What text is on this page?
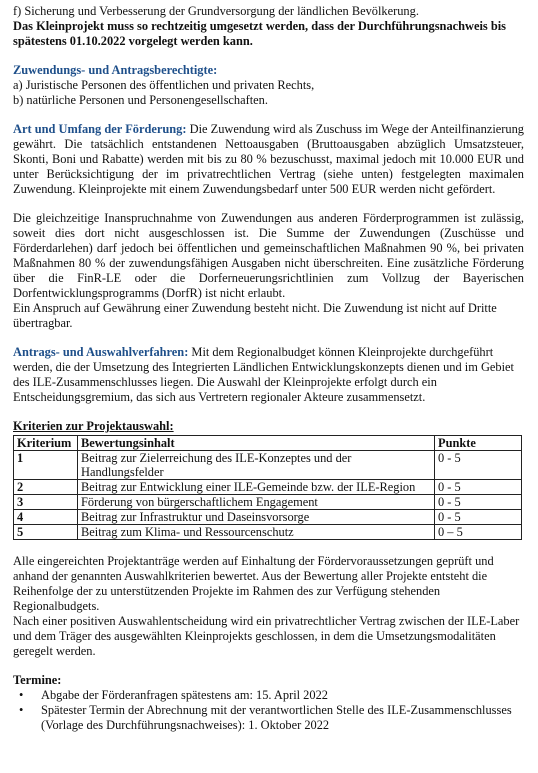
f) Sicherung und Verbesserung der Grundversorgung der ländlichen Bevölkerung.

Das Kleinprojekt muss so rechtzeitig umgesetzt werden, dass der Durchführungsnachweis bis spätestens 01.10.2022 vorgelegt werden kann.

Zuwendungs- und Antragsberechtigte:

a) Juristische Personen des öffentlichen und privaten Rechts,

b) natürliche Personen und Personengesellschaften.

Art und Umfang der Förderung: Die Zuwendung wird als Zuschuss im Wege der Anteilfinanzierung gewährt. Die tatsächlich entstandenen Nettoausgaben (Bruttoausgaben abzüglich Umsatzsteuer, Skonti, Boni und Rabatte) werden mit bis zu 80 % bezuschusst, maximal jedoch mit 10.000 EUR und unter Berücksichtigung der im privatrechtlichen Vertrag (siehe unten) festgelegten maximalen Zuwendung. Kleinprojekte mit einem Zuwendungsbedarf unter 500 EUR werden nicht gefördert.

Die gleichzeitige Inanspruchnahme von Zuwendungen aus anderen Förderprogrammen ist zulässig, soweit dies dort nicht ausgeschlossen ist. Die Summe der Zuwendungen (Zuschüsse und Förderdarlehen) darf jedoch bei öffentlichen und gemeinschaftlichen Maßnahmen 90 %, bei privaten Maßnahmen 80 % der zuwendungsfähigen Ausgaben nicht überschreiten. Eine zusätzliche Förderung über die FinR-LE oder die Dorferneuerungsrichtlinien zum Vollzug der Bayerischen Dorfentwicklungsprogramms (DorfR) ist nicht erlaubt.

Ein Anspruch auf Gewährung einer Zuwendung besteht nicht. Die Zuwendung ist nicht auf Dritte übertragbar.

Antrags- und Auswahlverfahren: Mit dem Regionalbudget können Kleinprojekte durchgeführt werden, die der Umsetzung des Integrierten Ländlichen Entwicklungskonzepts dienen und im Gebiet des ILE-Zusammenschlusses liegen. Die Auswahl der Kleinprojekte erfolgt durch ein Entscheidungsgremium, das sich aus Vertretern regionaler Akteure zusammensetzt.

Kriterien zur Projektauswahl:

Kriterium	Bewertungsinhalt	Punkte
1	Beitrag zur Zielerreichung des ILE-Konzeptes und der Handlungsfelder	0 - 5
2	Beitrag zur Entwicklung einer ILE-Gemeinde bzw. der ILE-Region	0 - 5
3	Förderung von bürgerschaftlichem Engagement	0 - 5
4	Beitrag zur Infrastruktur und Daseinsvorsorge	0 - 5
5	Beitrag zum Klima- und Ressourcenschutz	0 – 5

Alle eingereichten Projektanträge werden auf Einhaltung der Fördervoraussetzungen geprüft und anhand der genannten Auswahlkriterien bewertet. Aus der Bewertung aller Projekte entsteht die Reihenfolge der zu unterstützenden Projekte im Rahmen des zur Verfügung stehenden Regionalbudgets.

Nach einer positiven Auswahlentscheidung wird ein privatrechtlicher Vertrag zwischen der ILE-Laber und dem Träger des ausgewählten Kleinprojekts geschlossen, in dem die Umsetzungsmodalitäten geregelt werden.

Termine:

• Abgabe der Förderanfragen spätestens am: 15. April 2022
• Spätester Termin der Abrechnung mit der verantwortlichen Stelle des ILE-Zusammenschlusses (Vorlage des Durchführungsnachweises): 1. Oktober 2022
